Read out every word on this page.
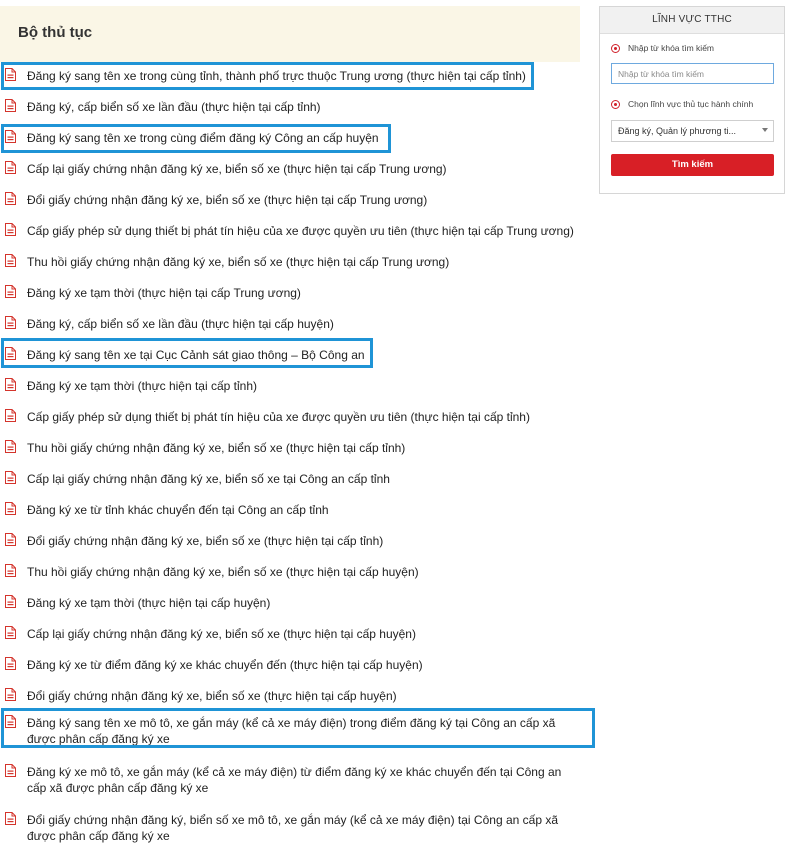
Bộ thủ tục
Đăng ký sang tên xe trong cùng tỉnh, thành phố trực thuộc Trung ương (thực hiện tại cấp tỉnh)
Đăng ký, cấp biển số xe lần đầu (thực hiện tại cấp tỉnh)
Đăng ký sang tên xe trong cùng điểm đăng ký Công an cấp huyện
Cấp lại giấy chứng nhận đăng ký xe, biển số xe (thực hiện tại cấp Trung ương)
Đổi giấy chứng nhận đăng ký xe, biển số xe (thực hiện tại cấp Trung ương)
Cấp giấy phép sử dụng thiết bị phát tín hiệu của xe được quyền ưu tiên (thực hiện tại cấp Trung ương)
Thu hồi giấy chứng nhận đăng ký xe, biển số xe (thực hiện tại cấp Trung ương)
Đăng ký xe tạm thời (thực hiện tại cấp Trung ương)
Đăng ký, cấp biển số xe lần đầu (thực hiện tại cấp huyện)
Đăng ký sang tên xe tại Cục Cảnh sát giao thông – Bộ Công an
Đăng ký xe tạm thời (thực hiện tại cấp tỉnh)
Cấp giấy phép sử dụng thiết bị phát tín hiệu của xe được quyền ưu tiên (thực hiện tại cấp tỉnh)
Thu hồi giấy chứng nhận đăng ký xe, biển số xe (thực hiện tại cấp tỉnh)
Cấp lại giấy chứng nhận đăng ký xe, biển số xe tại Công an cấp tỉnh
Đăng ký xe từ tỉnh khác chuyển đến tại Công an cấp tỉnh
Đổi giấy chứng nhận đăng ký xe, biển số xe (thực hiện tại cấp tỉnh)
Thu hồi giấy chứng nhận đăng ký xe, biển số xe (thực hiện tại cấp huyện)
Đăng ký xe tạm thời (thực hiện tại cấp huyện)
Cấp lại giấy chứng nhận đăng ký xe, biển số xe (thực hiện tại cấp huyện)
Đăng ký xe từ điểm đăng ký xe khác chuyển đến (thực hiện tại cấp huyện)
Đổi giấy chứng nhận đăng ký xe, biển số xe (thực hiện tại cấp huyện)
Đăng ký sang tên xe mô tô, xe gắn máy (kể cả xe máy điện) trong điểm đăng ký tại Công an cấp xã được phân cấp đăng ký xe
Đăng ký xe mô tô, xe gắn máy (kể cả xe máy điện) từ điểm đăng ký xe khác chuyển đến tại Công an cấp xã được phân cấp đăng ký xe
Đổi giấy chứng nhận đăng ký, biển số xe mô tô, xe gắn máy (kể cả xe máy điện) tại Công an cấp xã được phân cấp đăng ký xe
LĨNH VỰC TTHC
Nhập từ khóa tìm kiếm
Nhập từ khóa tìm kiếm
Chọn lĩnh vực thủ tục hành chính
Đăng ký, Quản lý phương ti...
Tìm kiếm
